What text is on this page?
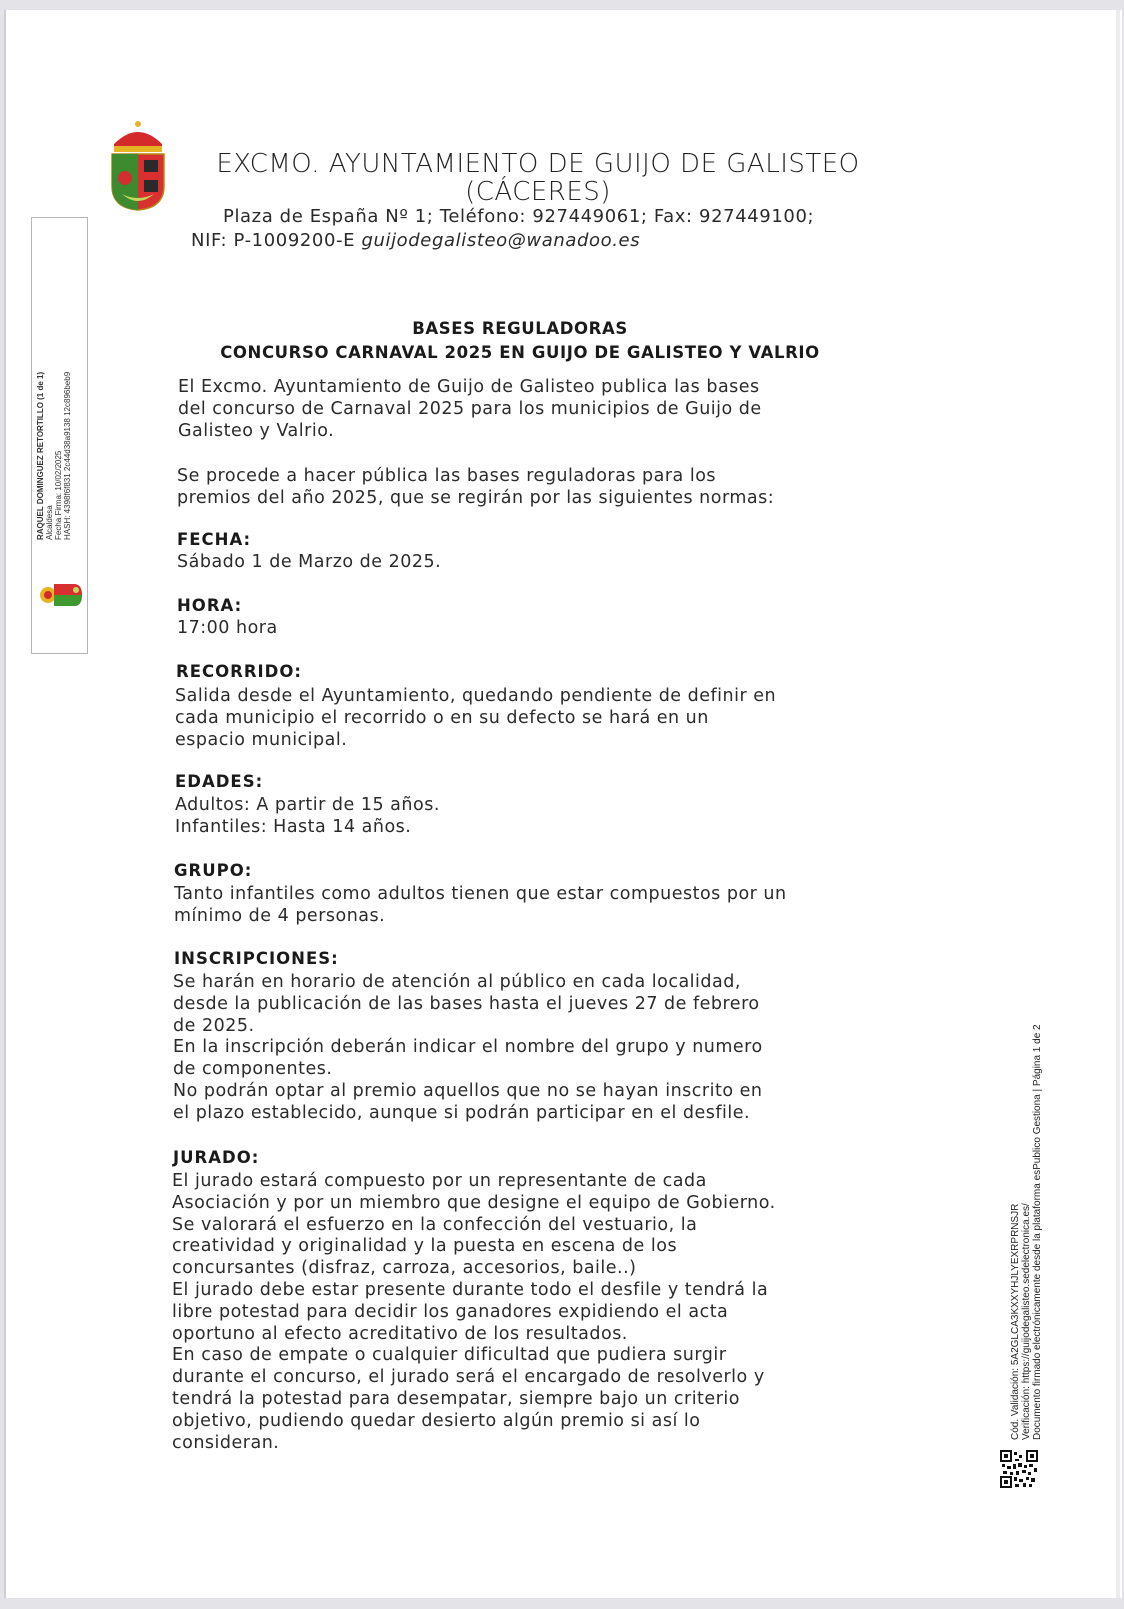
EXCMO. AYUNTAMIENTO DE GUIJO DE GALISTEO
(CÁCERES)
Plaza de España Nº 1; Teléfono: 927449061; Fax: 927449100;
NIF: P-1009200-E guijodegalisteo@wanadoo.es
RAQUEL DOMINGUEZ RETORTILLO (1 de 1) Alcaldesa Fecha Firma: 10/02/2025 HASH: 4398f6f831 2c44d38a9138 12c896beb9
BASES REGULADORAS
CONCURSO CARNAVAL 2025 EN GUIJO DE GALISTEO Y VALRIO
El Excmo. Ayuntamiento de Guijo de Galisteo publica las bases
del concurso de Carnaval 2025 para los municipios de Guijo de
Galisteo y Valrio.
Se procede a hacer pública las bases reguladoras para los
premios del año 2025, que se regirán por las siguientes normas:
FECHA:
Sábado 1 de Marzo de 2025.
HORA:
17:00 hora
RECORRIDO:
Salida desde el Ayuntamiento, quedando pendiente de definir en
cada municipio el recorrido o en su defecto se hará en un
espacio municipal.
EDADES:
Adultos: A partir de 15 años.
Infantiles: Hasta 14 años.
GRUPO:
Tanto infantiles como adultos tienen que estar compuestos por un
mínimo de 4 personas.
INSCRIPCIONES:
Se harán en horario de atención al público en cada localidad,
desde la publicación de las bases hasta el jueves 27 de febrero
de 2025.
En la inscripción deberán indicar el nombre del grupo y numero
de componentes.
No podrán optar al premio aquellos que no se hayan inscrito en
el plazo establecido, aunque si podrán participar en el desfile.
JURADO:
El jurado estará compuesto por un representante de cada
Asociación y por un miembro que designe el equipo de Gobierno.
Se valorará el esfuerzo en la confección del vestuario, la
creatividad y originalidad y la puesta en escena de los
concursantes (disfraz, carroza, accesorios, baile..)
El jurado debe estar presente durante todo el desfile y tendrá la
libre potestad para decidir los ganadores expidiendo el acta
oportuno al efecto acreditativo de los resultados.
En caso de empate o cualquier dificultad que pudiera surgir
durante el concurso, el jurado será el encargado de resolverlo y
tendrá la potestad para desempatar, siempre bajo un criterio
objetivo, pudiendo quedar desierto algún premio si así lo
consideran.
Cód. Validación: 5A2GLCA3KXXYHJLYEXRPRNSJR Verificación: https://guijodegalisteo.sedelectronica.es/ Documento firmado electrónicamente desde la plataforma esPublico Gestiona | Página 1 de 2
